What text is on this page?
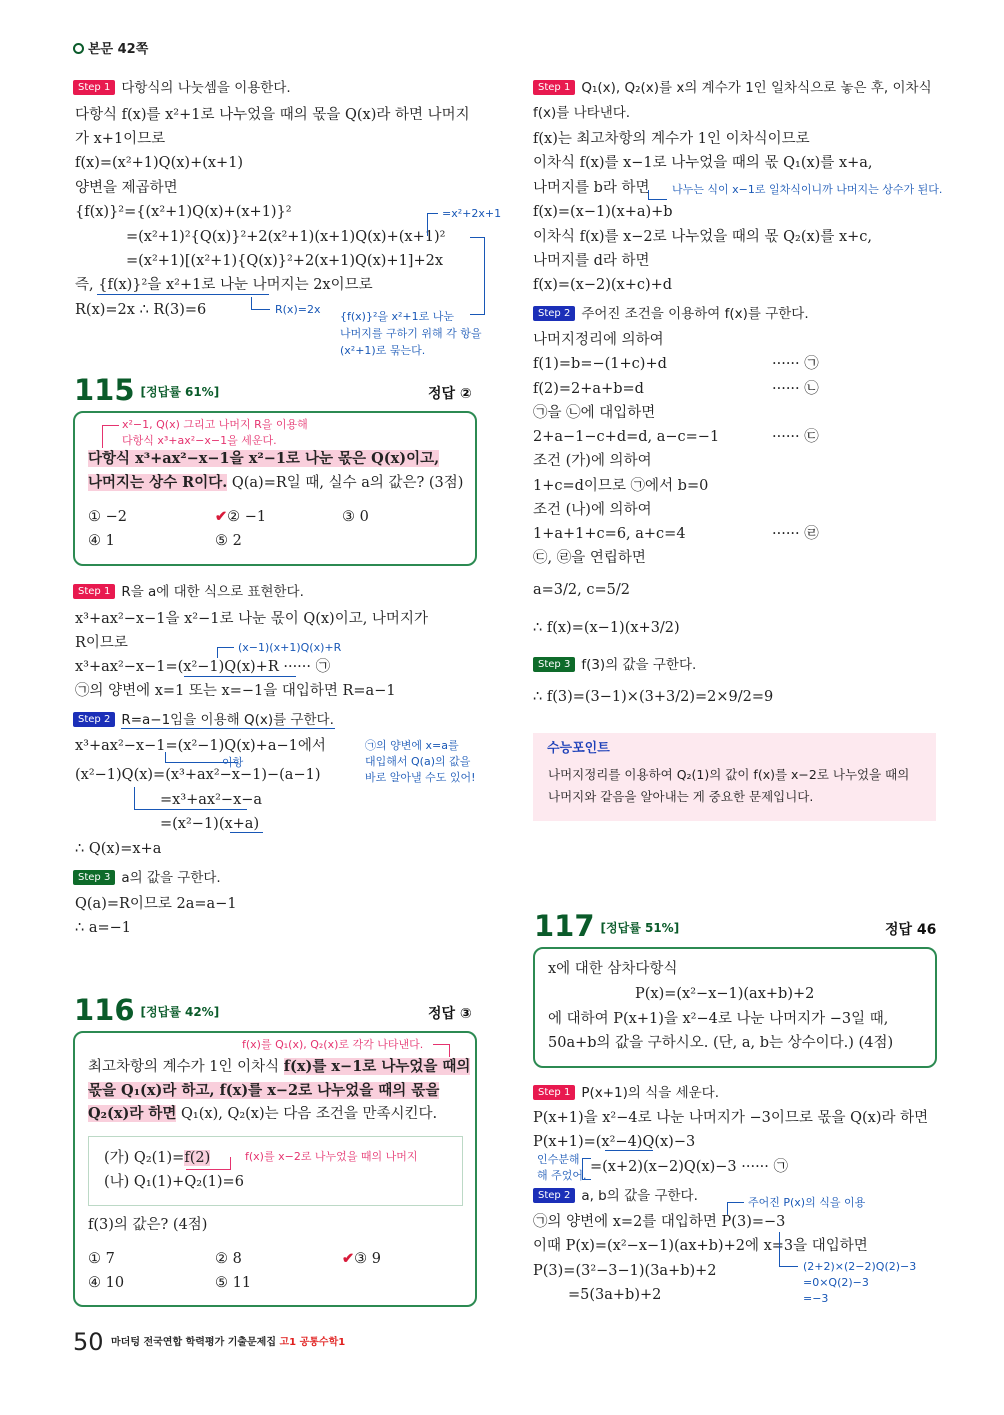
본문 42쪽
Step 1 다항식의 나눗셈을 이용한다.
다항식 f(x)를 x²+1로 나누었을 때의 몫을 Q(x)라 하면 나머지
가 x+1이므로
f(x)=(x²+1)Q(x)+(x+1)
양변을 제곱하면
{f(x)}²={(x²+1)Q(x)+(x+1)}²
=(x²+1)²{Q(x)}²+2(x²+1)(x+1)Q(x)+(x+1)²
=(x²+1)[(x²+1){Q(x)}²+2(x+1)Q(x)+1]+2x
즉, {f(x)}²을 x²+1로 나눈 나머지는 2x이므로
R(x)=2x ∴ R(3)=6
=x²+2x+1
R(x)=2x
{f(x)}²을 x²+1로 나눈
나머지를 구하기 위해 각 항을
(x²+1)로 묶는다.
115 [정답률 61%]	정답 ②
x²−1, Q(x) 그리고 나머지 R을 이용해
다항식 x³+ax²−x−1을 세운다.
다항식 x³+ax²−x−1을 x²−1로 나눈 몫은 Q(x)이고,
나머지는 상수 R이다. Q(a)=R일 때, 실수 a의 값은? (3점)
① −2	✔② −1	③ 0
④ 1	⑤ 2
Step 1 R을 a에 대한 식으로 표현한다.
x³+ax²−x−1을 x²−1로 나눈 몫이 Q(x)이고, 나머지가
R이므로	(x−1)(x+1)Q(x)+R
x³+ax²−x−1=(x²−1)Q(x)+R ······ ㉠
㉠의 양변에 x=1 또는 x=−1을 대입하면 R=a−1
Step 2 R=a−1임을 이용해 Q(x)를 구한다.
x³+ax²−x−1=(x²−1)Q(x)+a−1에서
이항
(x²−1)Q(x)=(x³+ax²−x−1)−(a−1)
=x³+ax²−x−a
=(x²−1)(x+a)
∴ Q(x)=x+a
㉠의 양변에 x=a를
대입해서 Q(a)의 값을
바로 알아낼 수도 있어!
Step 3 a의 값을 구한다.
Q(a)=R이므로 2a=a−1
∴ a=−1
116 [정답률 42%]	정답 ③
f(x)를 Q₁(x), Q₂(x)로 각각 나타낸다.
최고차항의 계수가 1인 이차식 f(x)를 x−1로 나누었을 때의
몫을 Q₁(x)라 하고, f(x)를 x−2로 나누었을 때의 몫을
Q₂(x)라 하면 Q₁(x), Q₂(x)는 다음 조건을 만족시킨다.
(가) Q₂(1)=f(2)	f(x)를 x−2로 나누었을 때의 나머지
(나) Q₁(1)+Q₂(1)=6
f(3)의 값은? (4점)
① 7	② 8	✔③ 9
④ 10	⑤ 11
Step 1 Q₁(x), Q₂(x)를 x의 계수가 1인 일차식으로 놓은 후, 이차식
f(x)를 나타낸다.
f(x)는 최고차항의 계수가 1인 이차식이므로
이차식 f(x)를 x−1로 나누었을 때의 몫 Q₁(x)를 x+a,
나머지를 b라 하면 나누는 식이 x−1로 일차식이니까 나머지는 상수가 된다.
f(x)=(x−1)(x+a)+b
이차식 f(x)를 x−2로 나누었을 때의 몫 Q₂(x)를 x+c,
나머지를 d라 하면
f(x)=(x−2)(x+c)+d
Step 2 주어진 조건을 이용하여 f(x)를 구한다.
나머지정리에 의하여
f(1)=b=−(1+c)+d	······ ㉠
f(2)=2+a+b=d	······ ㉡
㉠을 ㉡에 대입하면
2+a−1−c+d=d, a−c=−1	······ ㉢
조건 (가)에 의하여
1+c=d이므로 ㉠에서 b=0
조건 (나)에 의하여
1+a+1+c=6, a+c=4	······ ㉣
㉢, ㉣을 연립하면
a=3/2, c=5/2
∴ f(x)=(x−1)(x+3/2)
Step 3 f(3)의 값을 구한다.
∴ f(3)=(3−1)×(3+3/2)=2×9/2=9
수능포인트
나머지정리를 이용하여 Q₂(1)의 값이 f(x)를 x−2로 나누었을 때의
나머지와 같음을 알아내는 게 중요한 문제입니다.
117 [정답률 51%]	정답 46
x에 대한 삼차다항식
P(x)=(x²−x−1)(ax+b)+2
에 대하여 P(x+1)을 x²−4로 나눈 나머지가 −3일 때,
50a+b의 값을 구하시오. (단, a, b는 상수이다.) (4점)
Step 1 P(x+1)의 식을 세운다.
P(x+1)을 x²−4로 나눈 나머지가 −3이므로 몫을 Q(x)라 하면
P(x+1)=(x²−4)Q(x)−3
인수분해
해 주었어.
=(x+2)(x−2)Q(x)−3 ······ ㉠
Step 2 a, b의 값을 구한다.	주어진 P(x)의 식을 이용
㉠의 양변에 x=2를 대입하면 P(3)=−3
이때 P(x)=(x²−x−1)(ax+b)+2에 x=3을 대입하면
P(3)=(3²−3−1)(3a+b)+2
=5(3a+b)+2
(2+2)×(2−2)Q(2)−3
=0×Q(2)−3
=−3
50 마더텅 전국연합 학력평가 기출문제집 고1 공통수학1
